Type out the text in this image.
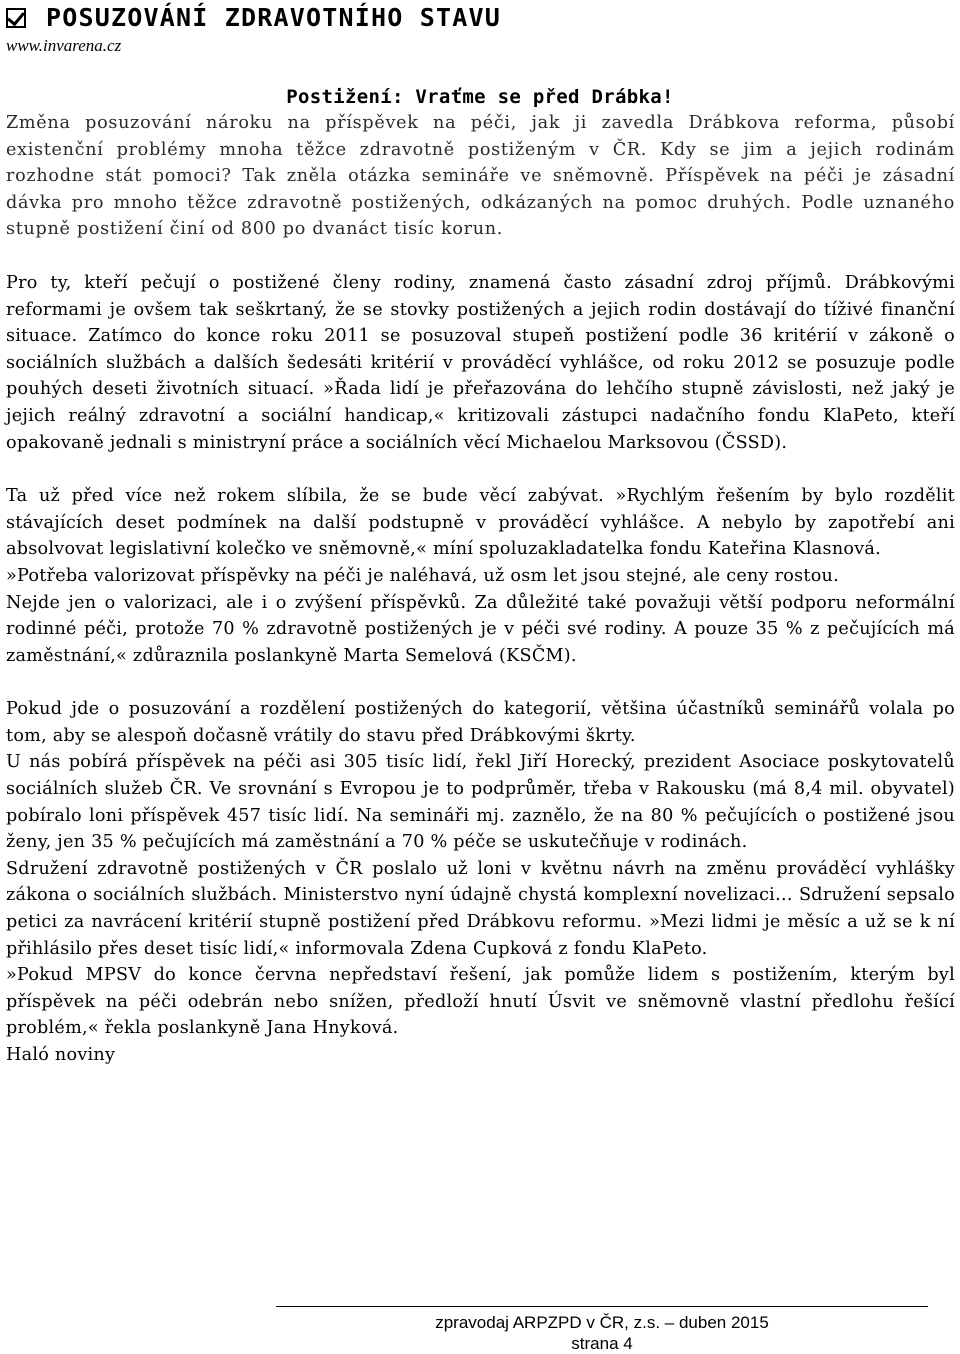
POSUZOVÁNÍ ZDRAVOTNÍHO STAVU
www.invarena.cz
Postižení: Vraťme se před Drábka!

Změna posuzování nároku na příspěvek na péči, jak ji zavedla Drábkova reforma, působí existenční problémy mnoha těžce zdravotně postiženým v ČR. Kdy se jim a jejich rodinám rozhodne stát pomoci? Tak zněla otázka semináře ve sněmovně. Příspěvek na péči je zásadní dávka pro mnoho těžce zdravotně postižených, odkázaných na pomoc druhých. Podle uznaného stupně postižení činí od 800 po dvanáct tisíc korun.

Pro ty, kteří pečují o postižené členy rodiny, znamená často zásadní zdroj příjmů. Drábkovými reformami je ovšem tak seškrtaný, že se stovky postižených a jejich rodin dostávají do tíživé finanční situace. Zatímco do konce roku 2011 se posuzoval stupeň postižení podle 36 kritérií v zákoně o sociálních službách a dalších šedesáti kritérií v prováděcí vyhlášce, od roku 2012 se posuzuje podle pouhých deseti životních situací. »Řada lidí je přeřazována do lehčího stupně závislosti, než jaký je jejich reálný zdravotní a sociální handicap,« kritizovali zástupci nadačního fondu KlaPeto, kteří opakovaně jednali s ministryní práce a sociálních věcí Michaelou Marksovou (ČSSD).

Ta už před více než rokem slíbila, že se bude věcí zabývat. »Rychlým řešením by bylo rozdělit stávajících deset podmínek na další podstupně v prováděcí vyhlášce. A nebylo by zapotřebí ani absolvovat legislativní kolečko ve sněmovně,« míní spoluzakladatelka fondu Kateřina Klasnová.

»Potřeba valorizovat příspěvky na péči je naléhavá, už osm let jsou stejné, ale ceny rostou.

Nejde jen o valorizaci, ale i o zvýšení příspěvků. Za důležité také považuji větší podporu neformální rodinné péči, protože 70 % zdravotně postižených je v péči své rodiny. A pouze 35 % z pečujících má zaměstnání,« zdůraznila poslankyně Marta Semelová (KSČM).

Pokud jde o posuzování a rozdělení postižených do kategorií, většina účastníků seminářů volala po tom, aby se alespoň dočasně vrátily do stavu před Drábkovými škrty.

U nás pobírá příspěvek na péči asi 305 tisíc lidí, řekl Jiří Horecký, prezident Asociace poskytovatelů sociálních služeb ČR. Ve srovnání s Evropou je to podprůměr, třeba v Rakousku (má 8,4 mil. obyvatel) pobíralo loni příspěvek 457 tisíc lidí. Na semináři mj. zaznělo, že na 80 % pečujících o postižené jsou ženy, jen 35 % pečujících má zaměstnání a 70 % péče se uskutečňuje v rodinách.

Sdružení zdravotně postižených v ČR poslalo už loni v květnu návrh na změnu prováděcí vyhlášky zákona o sociálních službách. Ministerstvo nyní údajně chystá komplexní novelizaci… Sdružení sepsalo petici za navrácení kritérií stupně postižení před Drábkovu reformu. »Mezi lidmi je měsíc a už se k ní přihlásilo přes deset tisíc lidí,« informovala Zdena Cupková z fondu KlaPeto.

»Pokud MPSV do konce června nepředstaví řešení, jak pomůže lidem s postižením, kterým byl příspěvek na péči odebrán nebo snížen, předloží hnutí Úsvit ve sněmovně vlastní předlohu řešící problém,« řekla poslankyně Jana Hnyková.

Haló noviny

zpravodaj ARPZPD v ČR, z.s. – duben 2015
strana 4
